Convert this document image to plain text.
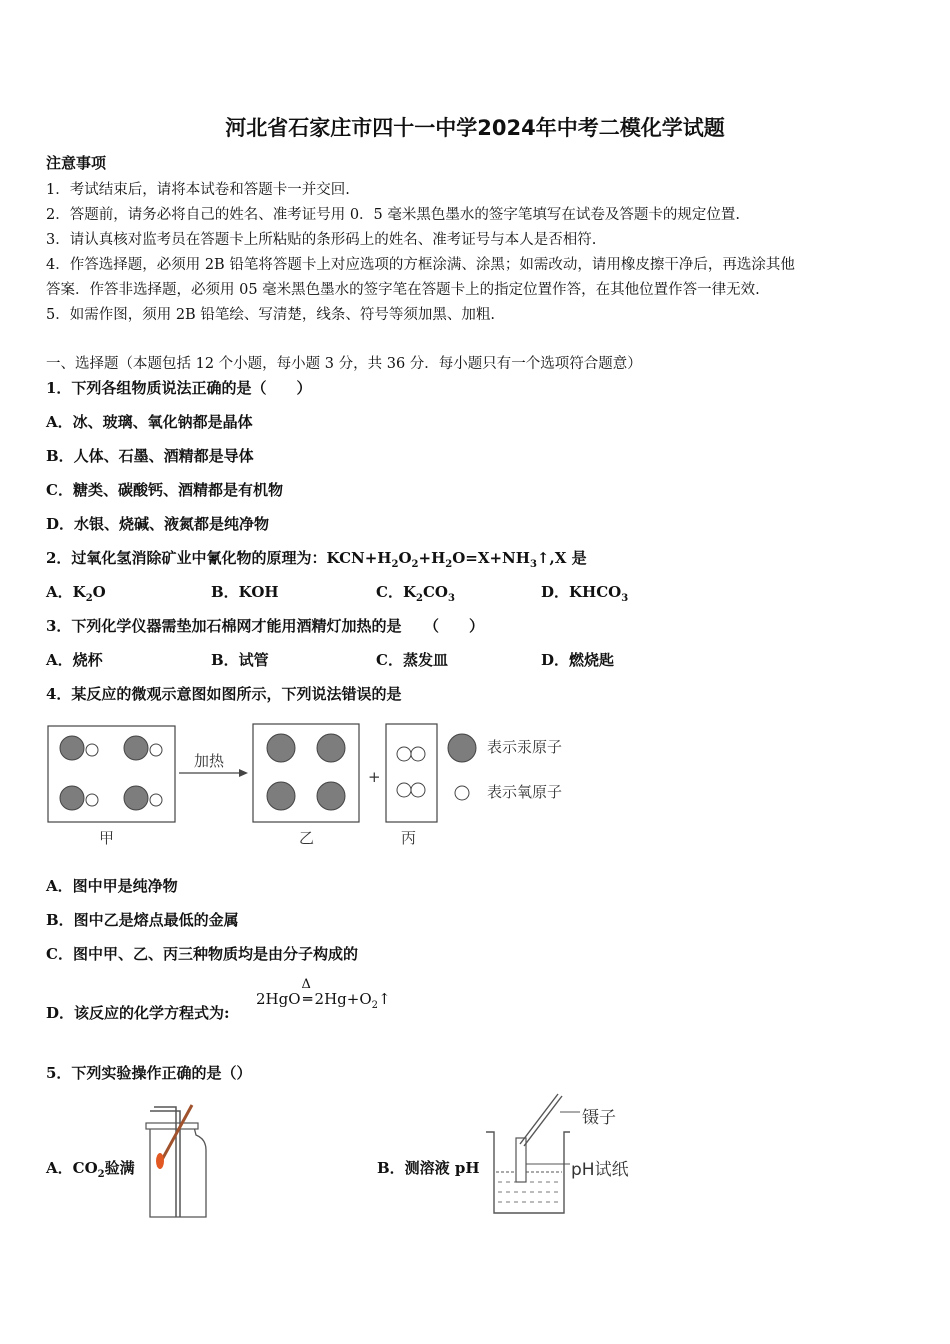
河北省石家庄市四十一中学2024年中考二模化学试题
注意事项
1．考试结束后，请将本试卷和答题卡一并交回.
2．答题前，请务必将自己的姓名、准考证号用 0．5 毫米黑色墨水的签字笔填写在试卷及答题卡的规定位置.
3．请认真核对监考员在答题卡上所粘贴的条形码上的姓名、准考证号与本人是否相符.
4．作答选择题，必须用 2B 铅笔将答题卡上对应选项的方框涂满、涂黑；如需改动，请用橡皮擦干净后，再选涂其他
答案．作答非选择题，必须用 05 毫米黑色墨水的签字笔在答题卡上的指定位置作答，在其他位置作答一律无效.
5．如需作图，须用 2B 铅笔绘、写清楚，线条、符号等须加黑、加粗.
一、选择题（本题包括 12 个小题，每小题 3 分，共 36 分．每小题只有一个选项符合题意）
1．下列各组物质说法正确的是（　　）
A．冰、玻璃、氧化钠都是晶体
B．人体、石墨、酒精都是导体
C．糖类、碳酸钙、酒精都是有机物
D．水银、烧碱、液氮都是纯净物
2．过氧化氢消除矿业中氰化物的原理为：$KCN+H_2O_2+H_2O=X+NH_3↑,X$ 是
A．$K_2O$	B．KOH	C．$K_2CO_3$	D．$KHCO_3$
3．下列化学仪器需垫加石棉网才能用酒精灯加热的是　　（　　）
A．烧杯	B．试管	C．蒸发皿	D．燃烧匙
4．某反应的微观示意图如图所示，下列说法错误的是
加热
+
甲	乙	丙
表示汞原子
表示氧原子
A．图中甲是纯净物
B．图中乙是熔点最低的金属
C．图中甲、乙、丙三种物质均是由分子构成的
D．该反应的化学方程式为:
2HgO
Δ
═ $2Hg+O_2↑$
5．下列实验操作正确的是（）
A．$CO_2$验满	B．测溶液 pH
镊子
pH试纸
